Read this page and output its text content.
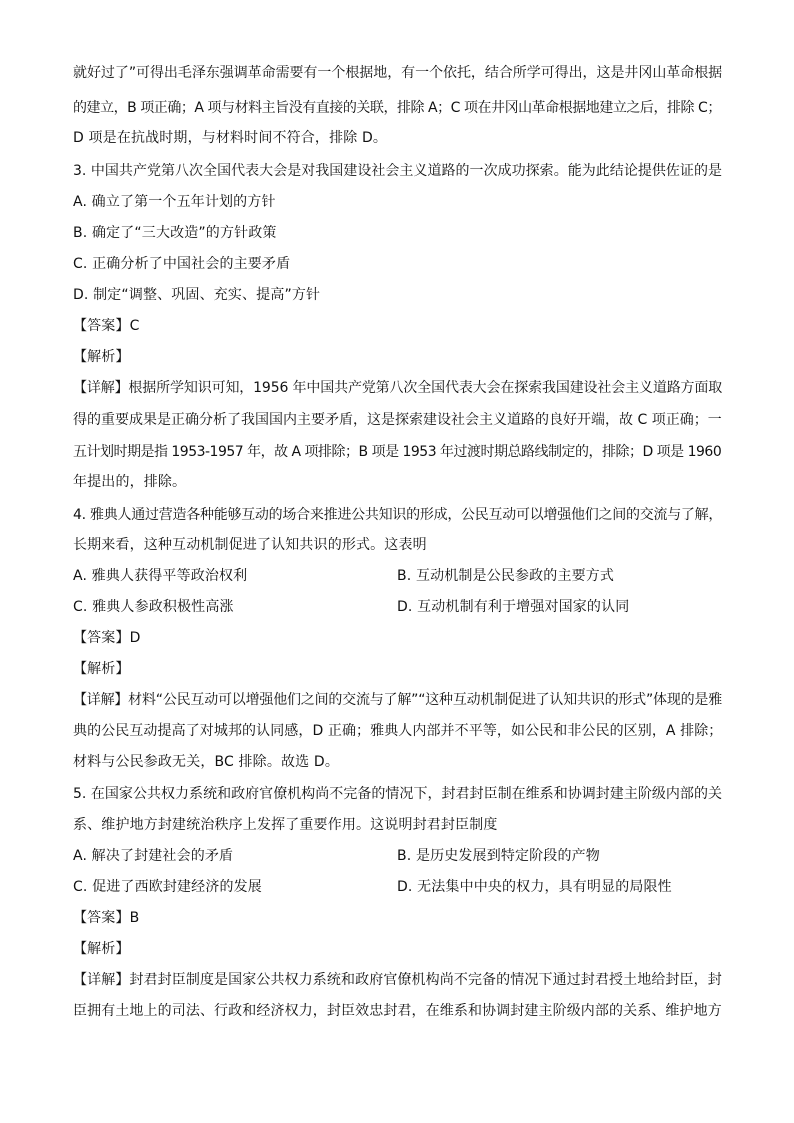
就好过了”可得出毛泽东强调革命需要有一个根据地，有一个依托，结合所学可得出，这是井冈山革命根据
的建立，B 项正确；A 项与材料主旨没有直接的关联，排除 A；C 项在井冈山革命根据地建立之后，排除 C；
D 项是在抗战时期，与材料时间不符合，排除 D。
3. 中国共产党第八次全国代表大会是对我国建设社会主义道路的一次成功探索。能为此结论提供佐证的是
A. 确立了第一个五年计划的方针
B. 确定了“三大改造”的方针政策
C. 正确分析了中国社会的主要矛盾
D. 制定“调整、巩固、充实、提高”方针
【答案】C
【解析】
【详解】根据所学知识可知，1956 年中国共产党第八次全国代表大会在探索我国建设社会主义道路方面取
得的重要成果是正确分析了我国国内主要矛盾，这是探索建设社会主义道路的良好开端，故 C 项正确；一
五计划时期是指 1953-1957 年，故 A 项排除；B 项是 1953 年过渡时期总路线制定的，排除；D 项是 1960
年提出的，排除。
4. 雅典人通过营造各种能够互动的场合来推进公共知识的形成，公民互动可以增强他们之间的交流与了解，
长期来看，这种互动机制促进了认知共识的形式。这表明
A. 雅典人获得平等政治权利	B. 互动机制是公民参政的主要方式
C. 雅典人参政积极性高涨	D. 互动机制有利于增强对国家的认同
【答案】D
【解析】
【详解】材料“公民互动可以增强他们之间的交流与了解”“这种互动机制促进了认知共识的形式”体现的是雅
典的公民互动提高了对城邦的认同感，D 正确；雅典人内部并不平等，如公民和非公民的区别，A 排除；
材料与公民参政无关，BC 排除。故选 D。
5. 在国家公共权力系统和政府官僚机构尚不完备的情况下，封君封臣制在维系和协调封建主阶级内部的关
系、维护地方封建统治秩序上发挥了重要作用。这说明封君封臣制度
A. 解决了封建社会的矛盾	B. 是历史发展到特定阶段的产物
C. 促进了西欧封建经济的发展	D. 无法集中中央的权力，具有明显的局限性
【答案】B
【解析】
【详解】封君封臣制度是国家公共权力系统和政府官僚机构尚不完备的情况下通过封君授土地给封臣，封
臣拥有土地上的司法、行政和经济权力，封臣效忠封君，在维系和协调封建主阶级内部的关系、维护地方
